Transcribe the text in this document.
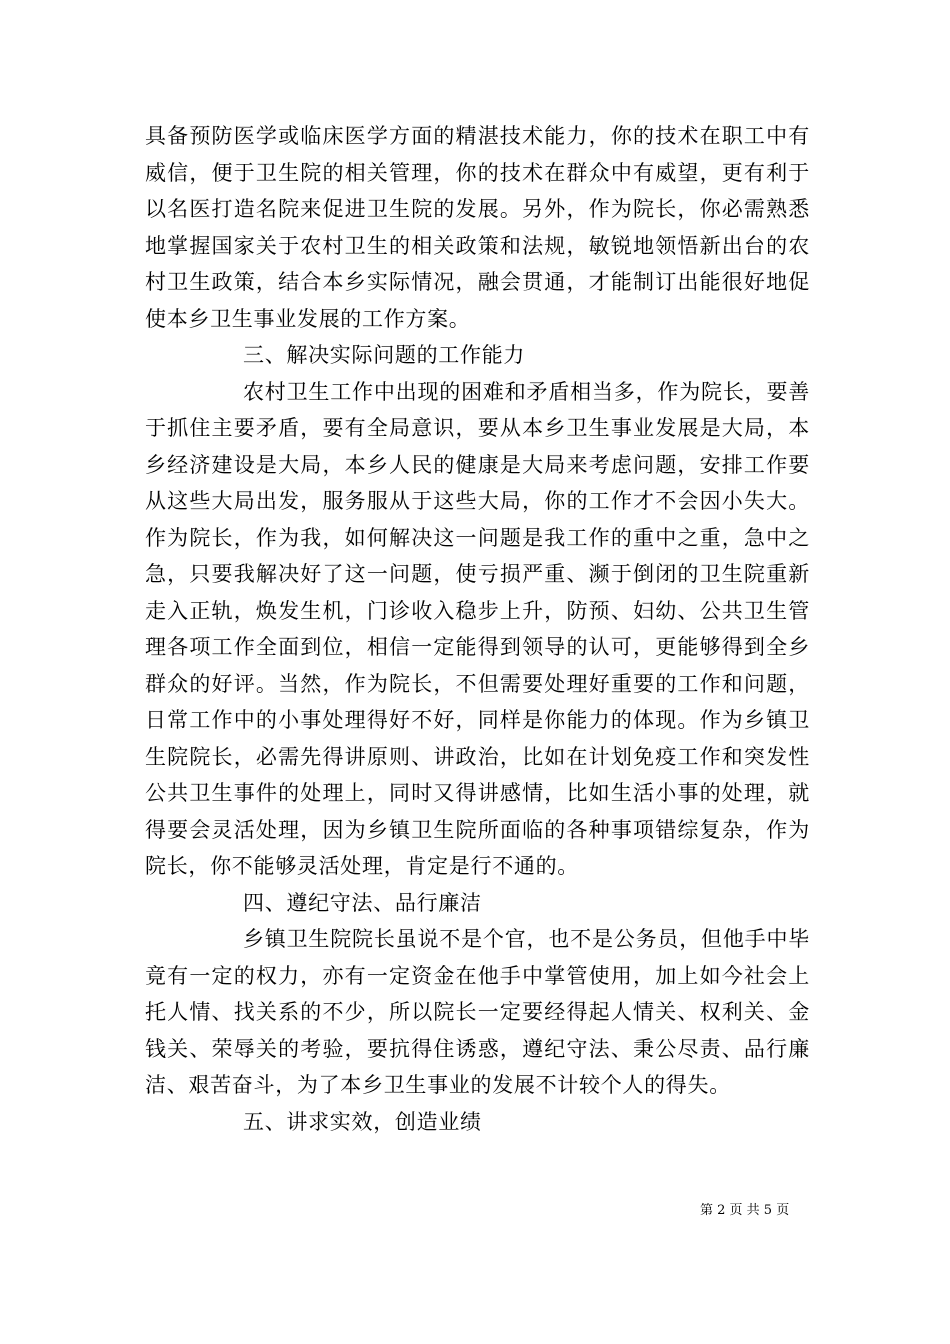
具备预防医学或临床医学方面的精湛技术能力，你的技术在职工中有威信，便于卫生院的相关管理，你的技术在群众中有威望，更有利于以名医打造名院来促进卫生院的发展。另外，作为院长，你必需熟悉地掌握国家关于农村卫生的相关政策和法规，敏锐地领悟新出台的农村卫生政策，结合本乡实际情况，融会贯通，才能制订出能很好地促使本乡卫生事业发展的工作方案。

三、解决实际问题的工作能力

农村卫生工作中出现的困难和矛盾相当多，作为院长，要善于抓住主要矛盾，要有全局意识，要从本乡卫生事业发展是大局，本乡经济建设是大局，本乡人民的健康是大局来考虑问题，安排工作要从这些大局出发，服务服从于这些大局，你的工作才不会因小失大。作为院长，作为我，如何解决这一问题是我工作的重中之重，急中之急，只要我解决好了这一问题，使亏损严重、濒于倒闭的卫生院重新走入正轨，焕发生机，门诊收入稳步上升，防预、妇幼、公共卫生管理各项工作全面到位，相信一定能得到领导的认可，更能够得到全乡群众的好评。当然，作为院长，不但需要处理好重要的工作和问题，日常工作中的小事处理得好不好，同样是你能力的体现。作为乡镇卫生院院长，必需先得讲原则、讲政治，比如在计划免疫工作和突发性公共卫生事件的处理上，同时又得讲感情，比如生活小事的处理，就得要会灵活处理，因为乡镇卫生院所面临的各种事项错综复杂，作为院长，你不能够灵活处理，肯定是行不通的。

四、遵纪守法、品行廉洁

乡镇卫生院院长虽说不是个官，也不是公务员，但他手中毕竟有一定的权力，亦有一定资金在他手中掌管使用，加上如今社会上托人情、找关系的不少，所以院长一定要经得起人情关、权利关、金钱关、荣辱关的考验，要抗得住诱惑，遵纪守法、秉公尽责、品行廉洁、艰苦奋斗，为了本乡卫生事业的发展不计较个人的得失。

五、讲求实效，创造业绩

第 2 页 共 5 页
